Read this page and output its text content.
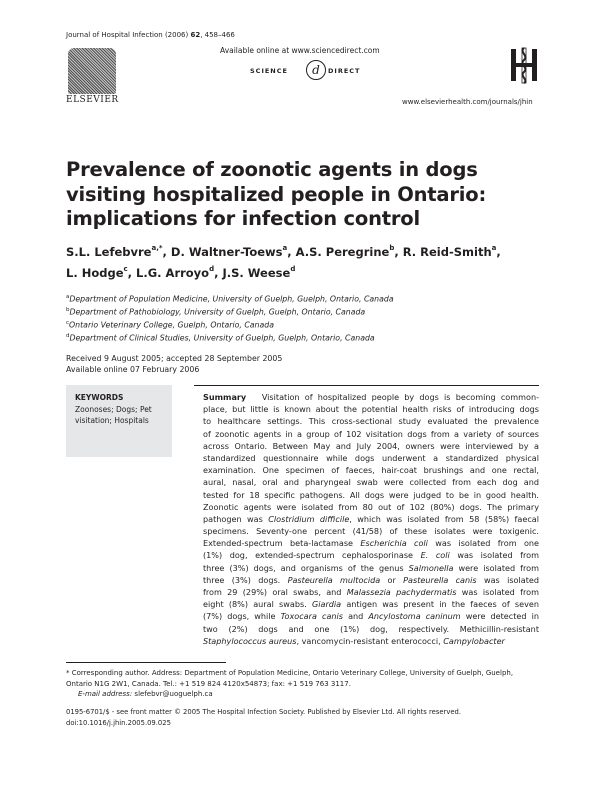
Journal of Hospital Infection (2006) 62, 458–466
ELSEVIER
Available online at www.sciencedirect.com
SCIENCE	d	DIRECT
www.elsevierhealth.com/journals/jhin
Prevalence of zoonotic agents in dogs visiting hospitalized people in Ontario: implications for infection control
S.L. Lefebvre$^{a,*}$, D. Waltner-Toews$^a$, A.S. Peregrine$^b$, R. Reid-Smith$^a$,
L. Hodge$^c$, L.G. Arroyo$^d$, J.S. Weese$^d$
$^a$Department of Population Medicine, University of Guelph, Guelph, Ontario, Canada
$^b$Department of Pathobiology, University of Guelph, Guelph, Ontario, Canada
$^c$Ontario Veterinary College, Guelph, Ontario, Canada
$^d$Department of Clinical Studies, University of Guelph, Guelph, Ontario, Canada
Received 9 August 2005; accepted 28 September 2005
Available online 07 February 2006
KEYWORDS
Zoonoses; Dogs; Pet visitation; Hospitals
Summary Visitation of hospitalized people by dogs is becoming common-
place, but little is known about the potential health risks of introducing dogs
to healthcare settings. This cross-sectional study evaluated the prevalence
of zoonotic agents in a group of 102 visitation dogs from a variety of sources
across Ontario. Between May and July 2004, owners were interviewed by a
standardized questionnaire while dogs underwent a standardized physical
examination. One specimen of faeces, hair-coat brushings and one rectal,
aural, nasal, oral and pharyngeal swab were collected from each dog and
tested for 18 specific pathogens. All dogs were judged to be in good health.
Zoonotic agents were isolated from 80 out of 102 (80%) dogs. The primary
pathogen was Clostridium difficile, which was isolated from 58 (58%) faecal
specimens. Seventy-one percent (41/58) of these isolates were toxigenic.
Extended-spectrum beta-lactamase Escherichia coli was isolated from one
(1%) dog, extended-spectrum cephalosporinase E. coli was isolated from
three (3%) dogs, and organisms of the genus Salmonella were isolated from
three (3%) dogs. Pasteurella multocida or Pasteurella canis was isolated
from 29 (29%) oral swabs, and Malassezia pachydermatis was isolated from
eight (8%) aural swabs. Giardia antigen was present in the faeces of seven
(7%) dogs, while Toxocara canis and Ancylostoma caninum were detected in
two (2%) dogs and one (1%) dog, respectively. Methicillin-resistant
Staphylococcus aureus, vancomycin-resistant enterococci, Campylobacter
* Corresponding author. Address: Department of Population Medicine, Ontario Veterinary College, University of Guelph, Guelph, Ontario N1G 2W1, Canada. Tel.: +1 519 824 4120x54873; fax: +1 519 763 3117.
E-mail address: slefebvr@uoguelph.ca
0195-6701/$ - see front matter © 2005 The Hospital Infection Society. Published by Elsevier Ltd. All rights reserved.
doi:10.1016/j.jhin.2005.09.025
